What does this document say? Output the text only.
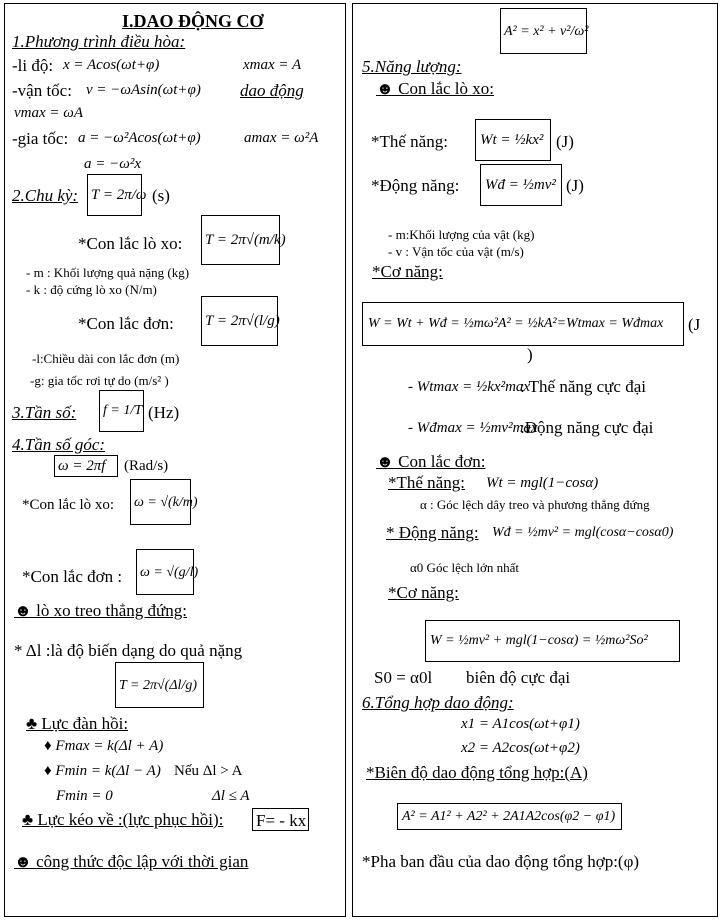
I.DAO ĐỘNG CƠ
1.Phương trình điều hòa:
-li độ: x = Acos(ωt+φ)	xmax = A
-vận tốc: v = −ωAsin(ωt+φ) dao động
vmax = ωA
-gia tốc: a = −ω²Acos(ωt+φ)	amax = ω²A
a = −ω²x
2.Chu kỳ: T = 2π/ω (s)
*Con lắc lò xo: T = 2π√(m/k)
- m : Khối lượng quả nặng (kg)
- k : độ cứng lò xo (N/m)
*Con lắc đơn: T = 2π√(l/g)
-l:Chiều dài con lắc đơn (m)
-g: gia tốc rơi tự do (m/s² )
3.Tần số: f = 1/T (Hz)
4.Tần số góc:
ω = 2πf (Rad/s)
*Con lắc lò xo: ω = √(k/m)
*Con lắc đơn : ω = √(g/l)
☻ lò xo treo thẳng đứng:
* Δl :là độ biến dạng do quả nặng
T = 2π√(Δl/g)
♣ Lực đàn hồi:
♦ Fmax = k(Δl + A)
♦ Fmin = k(Δl − A) Nếu Δl > A
Fmin = 0	Δl ≤ A
♣ Lực kéo về :(lực phục hồi): F= - kx
☻ công thức độc lập với thời gian
A² = x² + v²/ω²
5.Năng lượng:
☻ Con lắc lò xo:
*Thế năng: Wt = ½kx² (J)
*Động năng: Wđ = ½mv² (J)
- m:Khối lượng của vật (kg)
- v : Vận tốc của vật (m/s)
*Cơ năng:
W = Wt + Wđ = ½mω²A² = ½kA²=Wtmax = Wđmax (J
)
- Wtmax = ½kx²max
: Thế năng cực đại
- Wđmax = ½mv²max
:Động năng cực đại
☻ Con lắc đơn:
*Thế năng: Wt = mgl(1−cosα)
α : Góc lệch dây treo và phương thẳng đứng
* Động năng: Wđ = ½mv² = mgl(cosα−cosα0)
α0 Góc lệch lớn nhất
*Cơ năng:
W = ½mv² + mgl(1−cosα) = ½mω²So²
S0 = α0l biên độ cực đại
6.Tổng hợp dao động:
x1 = A1cos(ωt+φ1)
x2 = A2cos(ωt+φ2)
*Biên độ dao động tổng hợp:(A)
A² = A1² + A2² + 2A1A2cos(φ2 − φ1)
*Pha ban đầu của dao động tổng hợp:(φ)
